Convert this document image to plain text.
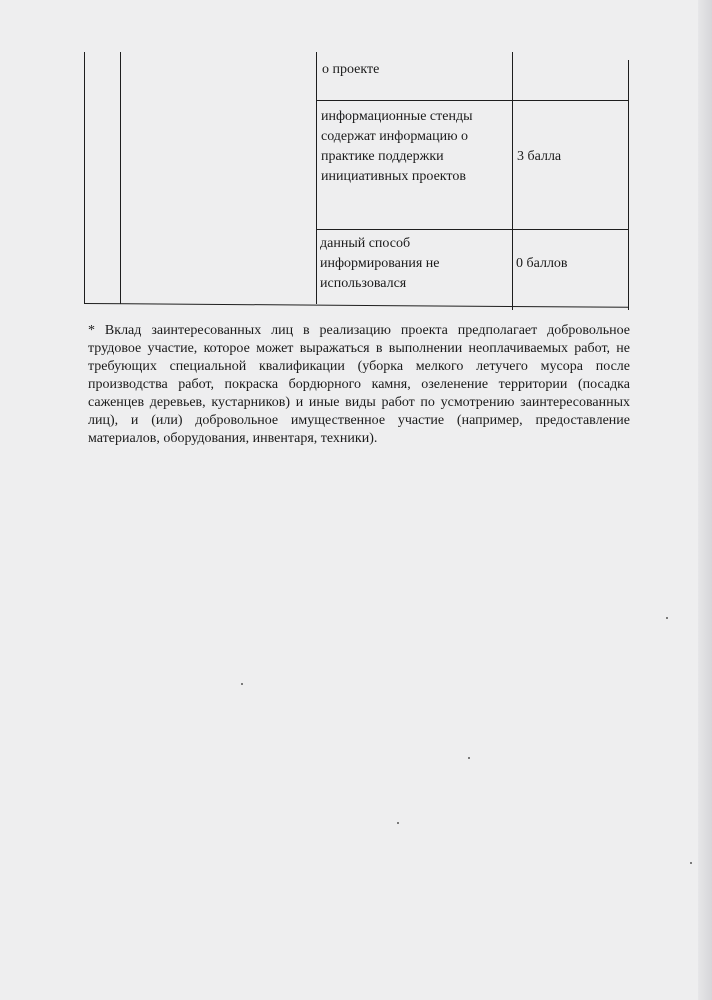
о проекте
информационные стенды
содержат информацию о
практике поддержки
инициативных проектов
3 балла
данный способ
информирования не
использовался
0 баллов
* Вклад заинтересованных лиц в реализацию проекта предполагает добровольное трудовое участие, которое может выражаться в выполнении неоплачиваемых работ, не требующих специальной квалификации (уборка мелкого летучего мусора после производства работ, покраска бордюрного камня, озеленение территории (посадка саженцев деревьев, кустарников) и иные виды работ по усмотрению заинтересованных лиц), и (или) добровольное имущественное участие (например, предоставление материалов, оборудования, инвентаря, техники).
